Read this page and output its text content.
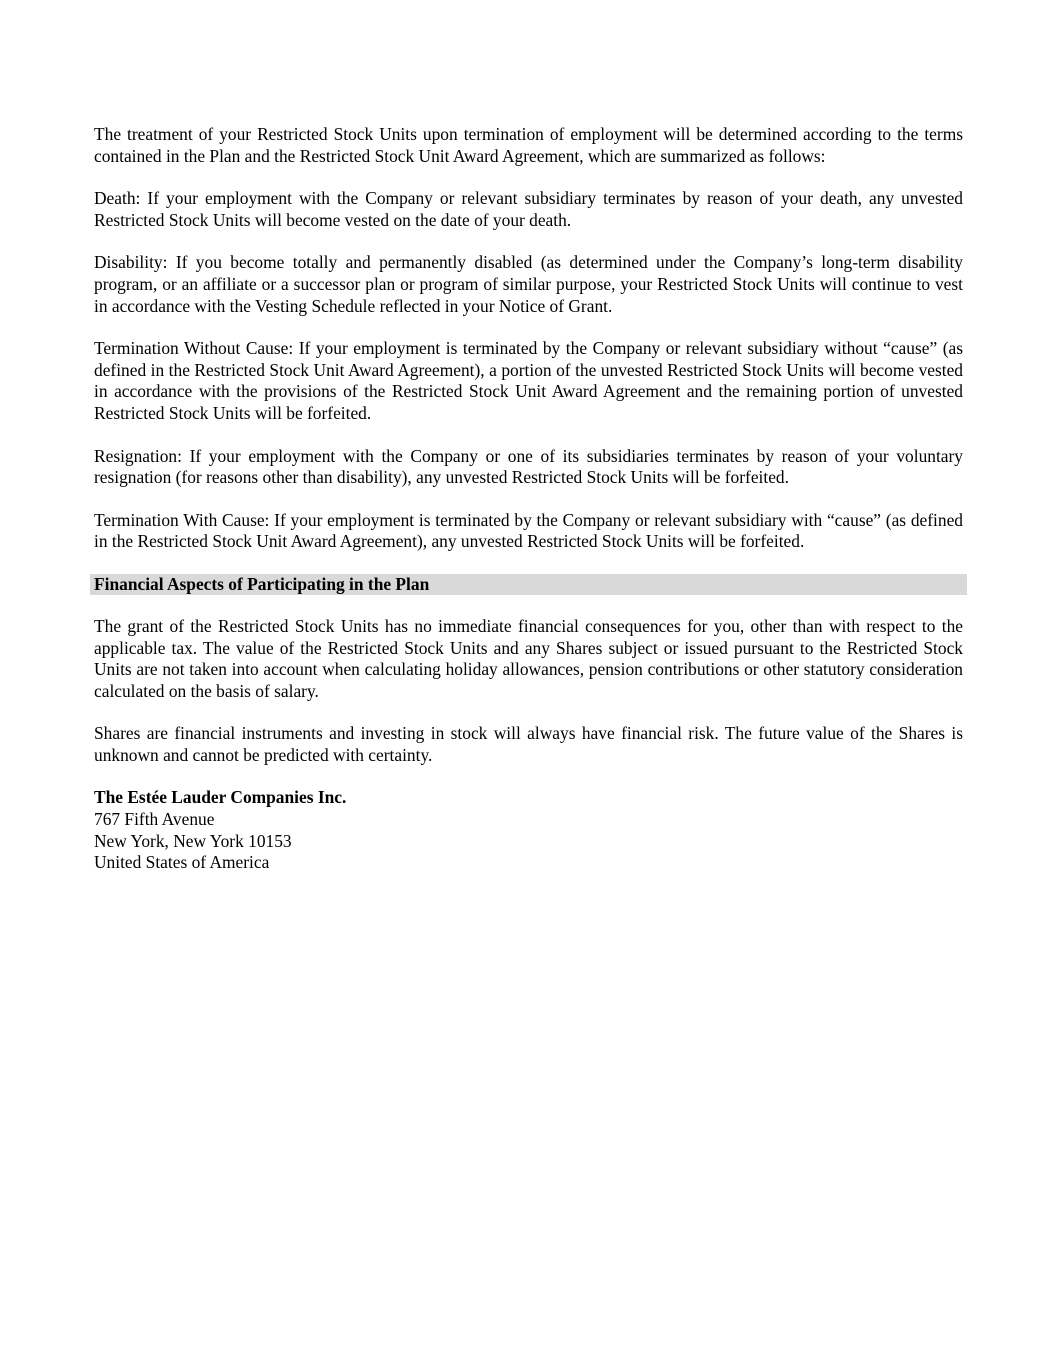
The treatment of your Restricted Stock Units upon termination of employment will be determined according to the terms contained in the Plan and the Restricted Stock Unit Award Agreement, which are summarized as follows:

Death: If your employment with the Company or relevant subsidiary terminates by reason of your death, any unvested Restricted Stock Units will become vested on the date of your death.

Disability: If you become totally and permanently disabled (as determined under the Company’s long-term disability program, or an affiliate or a successor plan or program of similar purpose, your Restricted Stock Units will continue to vest in accordance with the Vesting Schedule reflected in your Notice of Grant.

Termination Without Cause: If your employment is terminated by the Company or relevant subsidiary without “cause” (as defined in the Restricted Stock Unit Award Agreement), a portion of the unvested Restricted Stock Units will become vested in accordance with the provisions of the Restricted Stock Unit Award Agreement and the remaining portion of unvested Restricted Stock Units will be forfeited.

Resignation: If your employment with the Company or one of its subsidiaries terminates by reason of your voluntary resignation (for reasons other than disability), any unvested Restricted Stock Units will be forfeited.

Termination With Cause: If your employment is terminated by the Company or relevant subsidiary with “cause” (as defined in the Restricted Stock Unit Award Agreement), any unvested Restricted Stock Units will be forfeited.

Financial Aspects of Participating in the Plan

The grant of the Restricted Stock Units has no immediate financial consequences for you, other than with respect to the applicable tax. The value of the Restricted Stock Units and any Shares subject or issued pursuant to the Restricted Stock Units are not taken into account when calculating holiday allowances, pension contributions or other statutory consideration calculated on the basis of salary.

Shares are financial instruments and investing in stock will always have financial risk. The future value of the Shares is unknown and cannot be predicted with certainty.

The Estée Lauder Companies Inc.
767 Fifth Avenue
New York, New York 10153
United States of America
